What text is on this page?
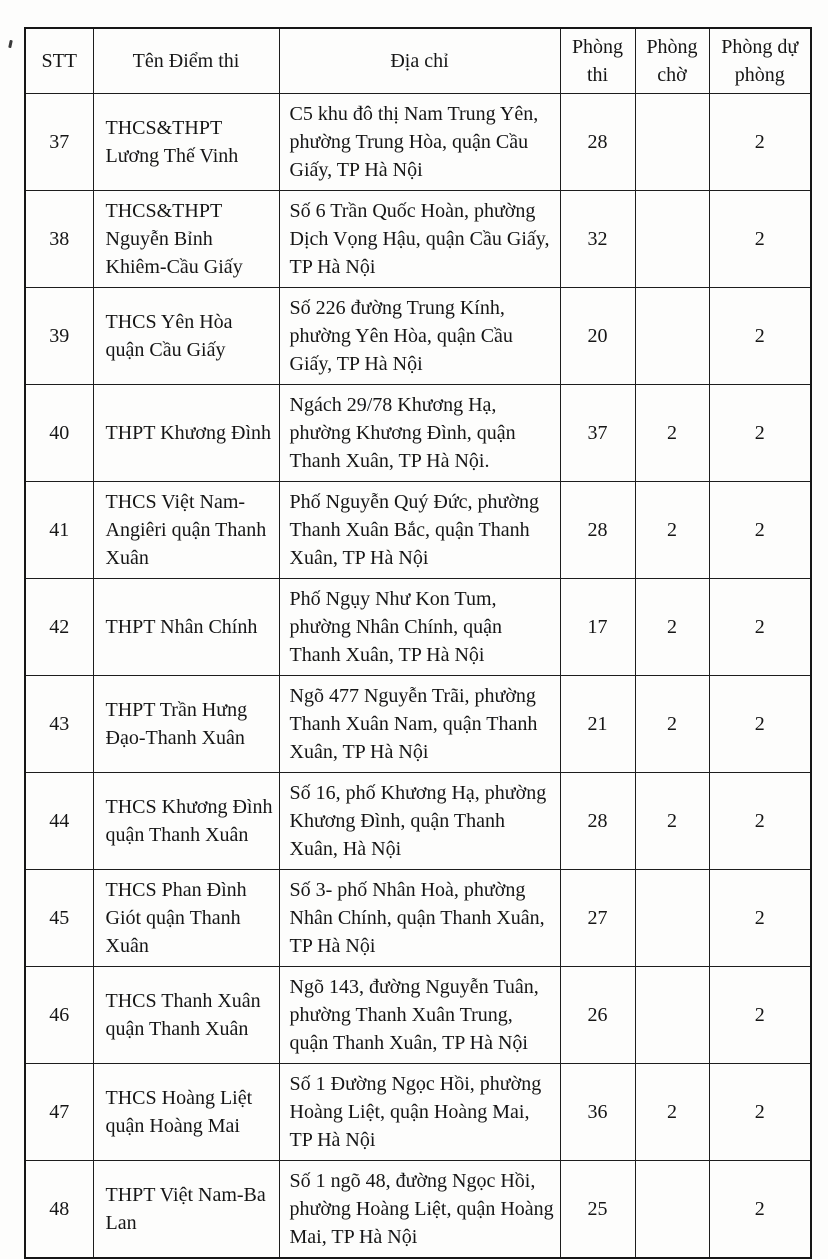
STT	Tên Điểm thi	Địa chỉ	Phòng thi	Phòng chờ	Phòng dự phòng
37	THCS&THPT Lương Thế Vinh	C5 khu đô thị Nam Trung Yên, phường Trung Hòa, quận Cầu Giấy, TP Hà Nội	28		2
38	THCS&THPT Nguyễn Bỉnh Khiêm-Cầu Giấy	Số 6 Trần Quốc Hoàn, phường Dịch Vọng Hậu, quận Cầu Giấy, TP Hà Nội	32		2
39	THCS Yên Hòa quận Cầu Giấy	Số 226 đường Trung Kính, phường Yên Hòa, quận Cầu Giấy, TP Hà Nội	20		2
40	THPT Khương Đình	Ngách 29/78 Khương Hạ, phường Khương Đình, quận Thanh Xuân, TP Hà Nội.	37	2	2
41	THCS Việt Nam-Angiêri quận Thanh Xuân	Phố Nguyễn Quý Đức, phường Thanh Xuân Bắc, quận Thanh Xuân, TP Hà Nội	28	2	2
42	THPT Nhân Chính	Phố Ngụy Như Kon Tum, phường Nhân Chính, quận Thanh Xuân, TP Hà Nội	17	2	2
43	THPT Trần Hưng Đạo-Thanh Xuân	Ngõ 477 Nguyễn Trãi, phường Thanh Xuân Nam, quận Thanh Xuân, TP Hà Nội	21	2	2
44	THCS Khương Đình quận Thanh Xuân	Số 16, phố Khương Hạ, phường Khương Đình, quận Thanh Xuân, Hà Nội	28	2	2
45	THCS Phan Đình Giót quận Thanh Xuân	Số 3- phố Nhân Hoà, phường Nhân Chính, quận Thanh Xuân, TP Hà Nội	27		2
46	THCS Thanh Xuân quận Thanh Xuân	Ngõ 143, đường Nguyễn Tuân, phường Thanh Xuân Trung, quận Thanh Xuân, TP Hà Nội	26		2
47	THCS Hoàng Liệt quận Hoàng Mai	Số 1 Đường Ngọc Hồi, phường Hoàng Liệt, quận Hoàng Mai, TP Hà Nội	36	2	2
48	THPT Việt Nam-Ba Lan	Số 1 ngõ 48, đường Ngọc Hồi, phường Hoàng Liệt, quận Hoàng Mai, TP Hà Nội	25		2
